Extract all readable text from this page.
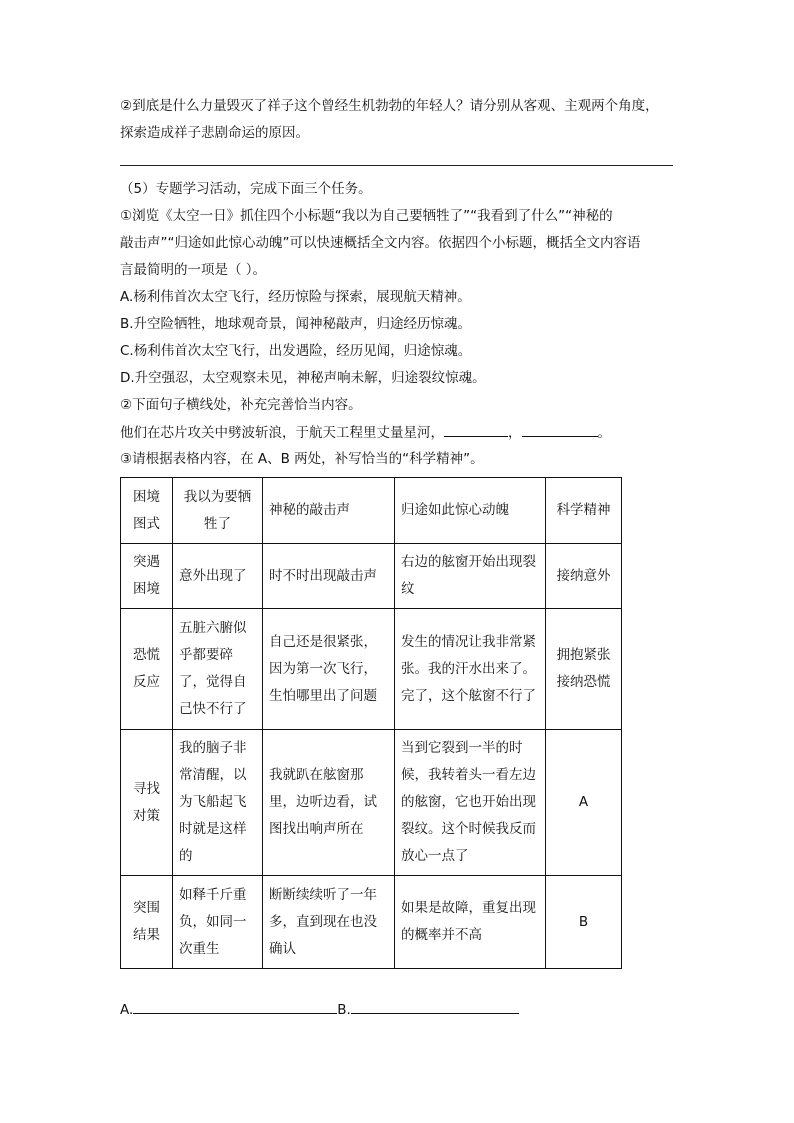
②到底是什么力量毁灭了祥子这个曾经生机勃勃的年轻人？请分别从客观、主观两个角度，
探索造成祥子悲剧命运的原因。
（5）专题学习活动，完成下面三个任务。
①浏览《太空一日》抓住四个小标题“我以为自己要牺牲了”“我看到了什么”“神秘的
敲击声”“归途如此惊心动魄”可以快速概括全文内容。依据四个小标题，概括全文内容语
言最简明的一项是（ ）。
A.杨利伟首次太空飞行，经历惊险与探索，展现航天精神。
B.升空险牺牲，地球观奇景，闻神秘敲声，归途经历惊魂。
C.杨利伟首次太空飞行，出发遇险，经历见闻，归途惊魂。
D.升空强忍，太空观察未见，神秘声响未解，归途裂纹惊魂。
②下面句子横线处，补充完善恰当内容。
他们在芯片攻关中劈波斩浪，于航天工程里丈量星河，	，	。
③请根据表格内容，在 A、B 两处，补写恰当的“科学精神”。
困境图式	我以为要牺牲了	神秘的敲击声	归途如此惊心动魄	科学精神
突遇困境	意外出现了	时不时出现敲击声	右边的舷窗开始出现裂纹	接纳意外
恐慌反应	五脏六腑似乎都要碎了，觉得自己快不行了	自己还是很紧张，因为第一次飞行，生怕哪里出了问题	发生的情况让我非常紧张。我的汗水出来了。完了，这个舷窗不行了	拥抱紧张接纳恐慌
寻找对策	我的脑子非常清醒，以为飞船起飞时就是这样的	我就趴在舷窗那里，边听边看，试图找出响声所在	当到它裂到一半的时候，我转着头一看左边的舷窗，它也开始出现裂纹。这个时候我反而放心一点了	A
突围结果	如释千斤重负，如同一次重生	断断续续听了一年多，直到现在也没确认	如果是故障，重复出现的概率并不高	B
A.	B.
